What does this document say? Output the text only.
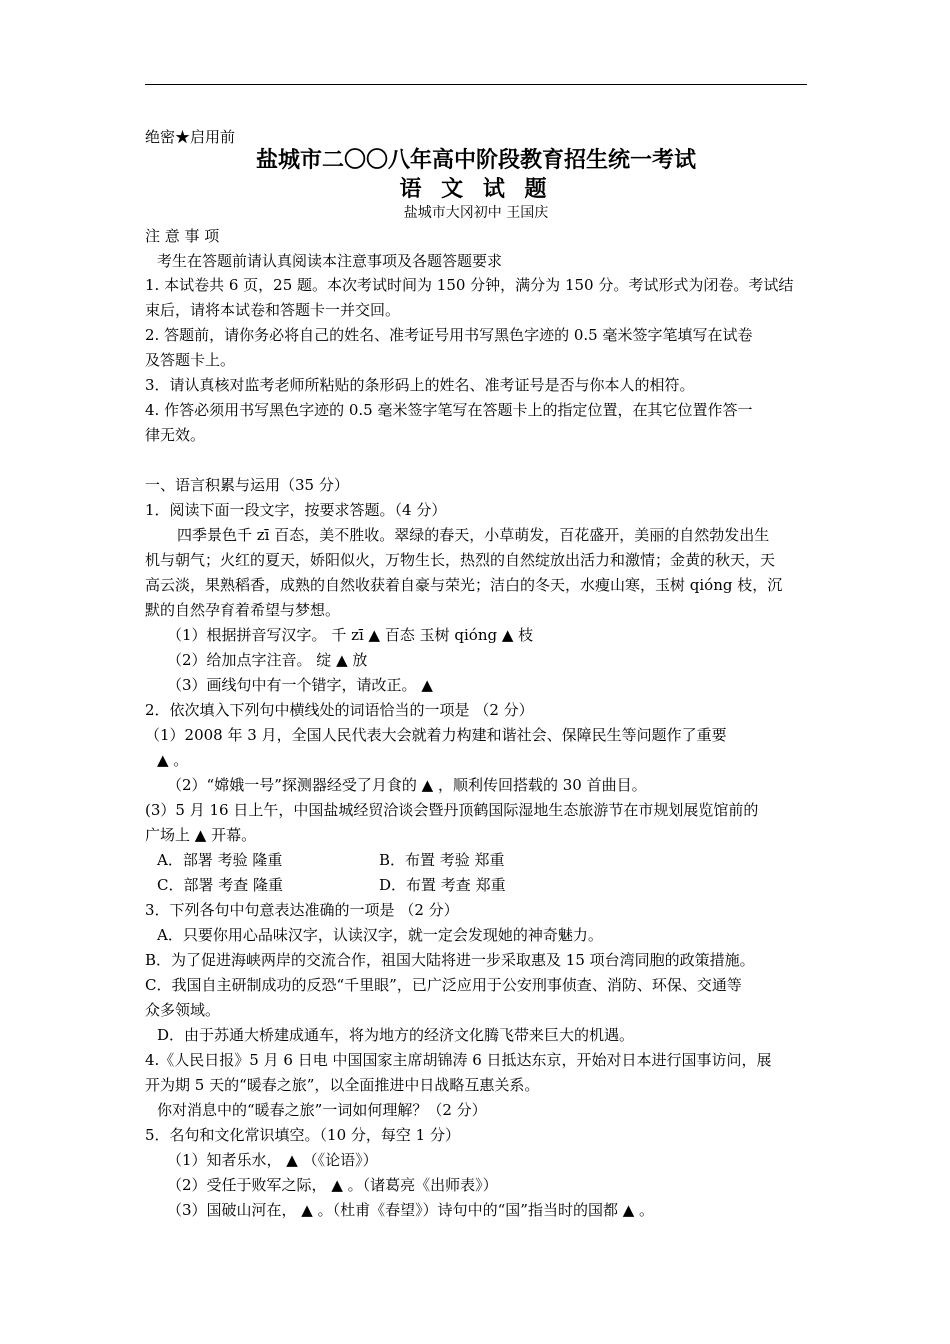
绝密★启用前
盐城市二〇〇八年高中阶段教育招生统一考试
语 文 试 题
盐城市大冈初中 王国庆
注 意 事 项
考生在答题前请认真阅读本注意事项及各题答题要求
1. 本试卷共 6 页，25 题。本次考试时间为 150 分钟，满分为 150 分。考试形式为闭卷。考试结
束后，请将本试卷和答题卡一并交回。
2. 答题前，请你务必将自己的姓名、准考证号用书写黑色字迹的 0.5 毫米签字笔填写在试卷
及答题卡上。
3．请认真核对监考老师所粘贴的条形码上的姓名、准考证号是否与你本人的相符。
4. 作答必须用书写黑色字迹的 0.5 毫米签字笔写在答题卡上的指定位置，在其它位置作答一
律无效。
一、语言积累与运用（35 分）
1．阅读下面一段文字，按要求答题。（4 分）
四季景色千 zī 百态，美不胜收。翠绿的春天，小草萌发，百花盛开，美丽的自然勃发出生
机与朝气；火红的夏天，娇阳似火，万物生长，热烈的自然绽放出活力和激情；金黄的秋天，天
高云淡，果熟稻香，成熟的自然收获着自豪与荣光；洁白的冬天，水瘦山寒，玉树 qióng 枝，沉
默的自然孕育着希望与梦想。
（1）根据拼音写汉字。 千 zī ▲ 百态 玉树 qióng ▲ 枝
（2）给加点字注音。 绽 ▲ 放
（3）画线句中有一个错字，请改正。 ▲
2．依次填入下列句中横线处的词语恰当的一项是 （2 分）
（1）2008 年 3 月，全国人民代表大会就着力构建和谐社会、保障民生等问题作了重要
▲ 。
（2）“嫦娥一号”探测器经受了月食的 ▲ ，顺利传回搭载的 30 首曲目。
(3）5 月 16 日上午，中国盐城经贸洽谈会暨丹顶鹤国际湿地生态旅游节在市规划展览馆前的
广场上 ▲ 开幕。
A．部署 考验 隆重	B．布置 考验 郑重
C．部署 考查 隆重	D．布置 考查 郑重
3．下列各句中句意表达准确的一项是 （2 分）
A．只要你用心品味汉字，认读汉字，就一定会发现她的神奇魅力。
B．为了促进海峡两岸的交流合作，祖国大陆将进一步采取惠及 15 项台湾同胞的政策措施。
C．我国自主研制成功的反恐“千里眼”，已广泛应用于公安刑事侦查、消防、环保、交通等
众多领域。
D．由于苏通大桥建成通车，将为地方的经济文化腾飞带来巨大的机遇。
4.《人民日报》5 月 6 日电 中国国家主席胡锦涛 6 日抵达东京，开始对日本进行国事访问，展
开为期 5 天的“暖春之旅”，以全面推进中日战略互惠关系。
你对消息中的“暖春之旅”一词如何理解？（2 分）
5．名句和文化常识填空。（10 分，每空 1 分）
（1）知者乐水， ▲ （《论语》）
（2）受任于败军之际， ▲ 。（诸葛亮《出师表》）
（3）国破山河在， ▲ 。（杜甫《春望》）诗句中的“国”指当时的国都 ▲ 。
